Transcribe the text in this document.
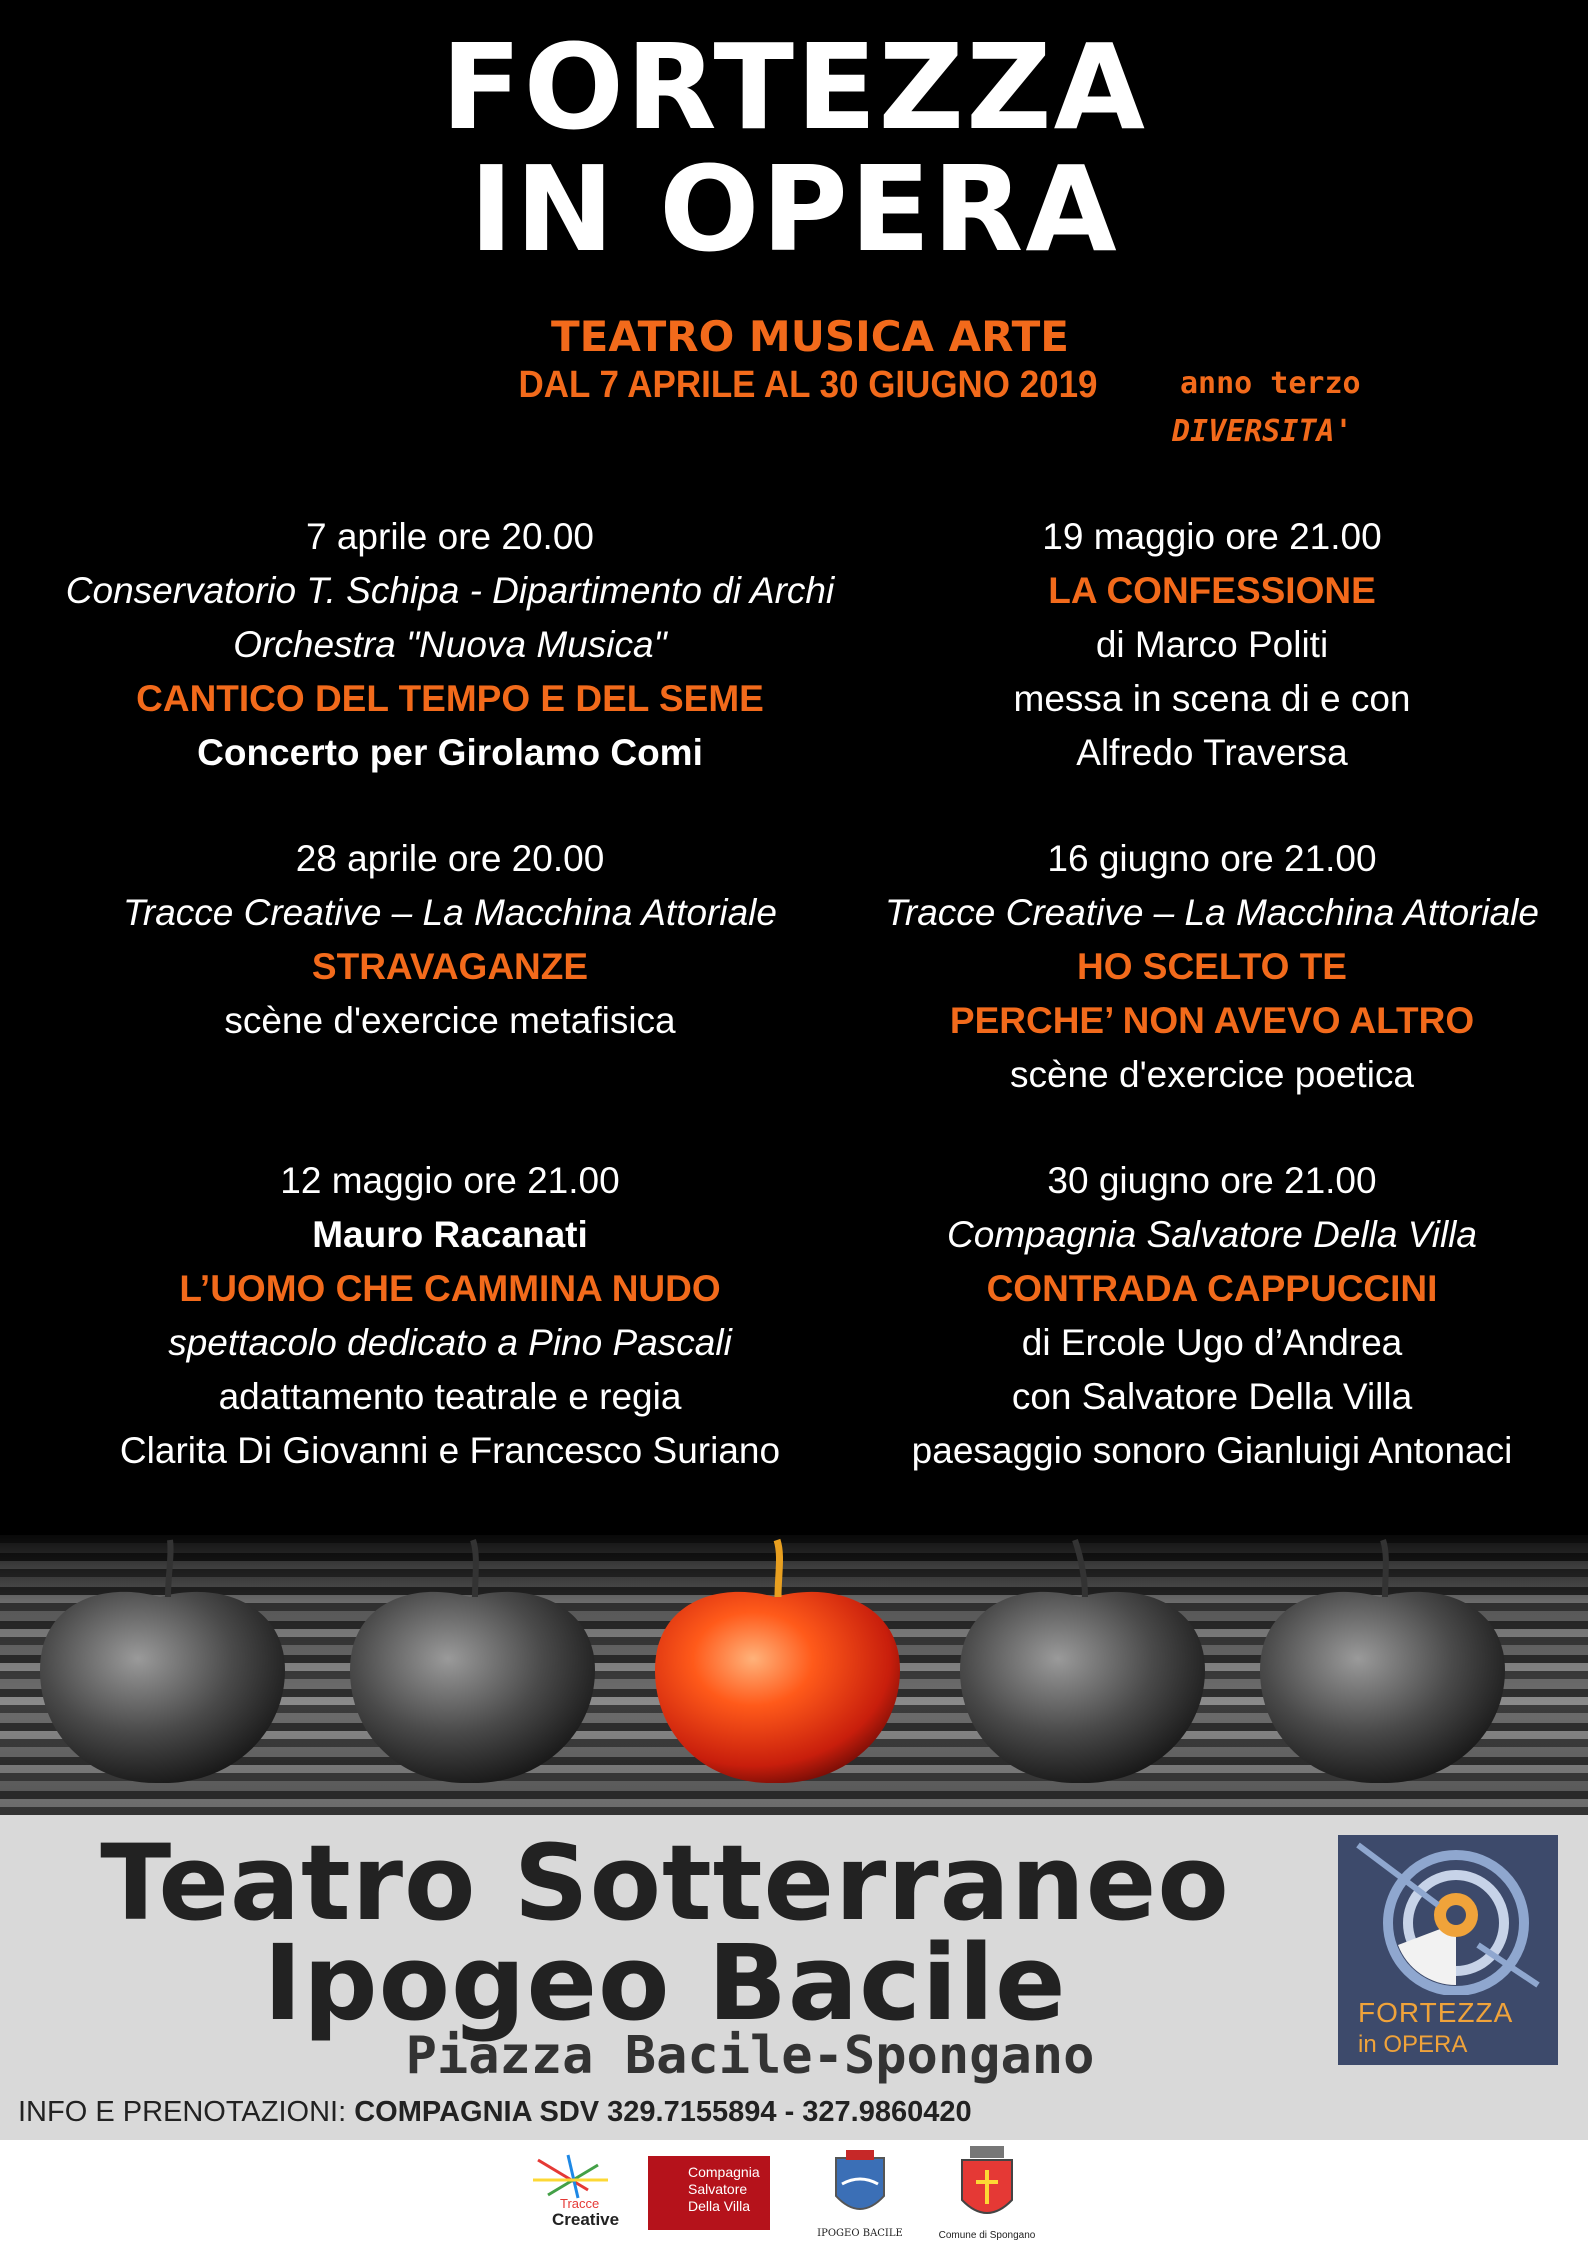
FORTEZZA
IN OPERA
TEATRO MUSICA ARTE
DAL 7 APRILE AL 30 GIUGNO 2019	anno terzo
DIVERSITA'
7 aprile ore 20.00
Conservatorio T. Schipa - Dipartimento di Archi
Orchestra "Nuova Musica"
CANTICO DEL TEMPO E DEL SEME
Concerto per Girolamo Comi
28 aprile ore 20.00
Tracce Creative – La Macchina Attoriale
STRAVAGANZE
scène d'exercice metafisica
12 maggio ore 21.00
Mauro Racanati
L’UOMO CHE CAMMINA NUDO
spettacolo dedicato a Pino Pascali
adattamento teatrale e regia
Clarita Di Giovanni e Francesco Suriano
19 maggio ore 21.00
LA CONFESSIONE
di Marco Politi
messa in scena di e con
Alfredo Traversa
16 giugno ore 21.00
Tracce Creative – La Macchina Attoriale
HO SCELTO TE
PERCHE’ NON AVEVO ALTRO
scène d'exercice poetica
30 giugno ore 21.00
Compagnia Salvatore Della Villa
CONTRADA CAPPUCCINI
di Ercole Ugo d’Andrea
con Salvatore Della Villa
paesaggio sonoro Gianluigi Antonaci
Teatro Sotterraneo
Ipogeo Bacile
Piazza Bacile-Spongano
INFO E PRENOTAZIONI: COMPAGNIA SDV 329.7155894 - 327.9860420
FORTEZZA
in OPERA
Tracce
Creative
Compagnia
Salvatore
Della Villa
IPOGEO BACILE	Comune di Spongano
